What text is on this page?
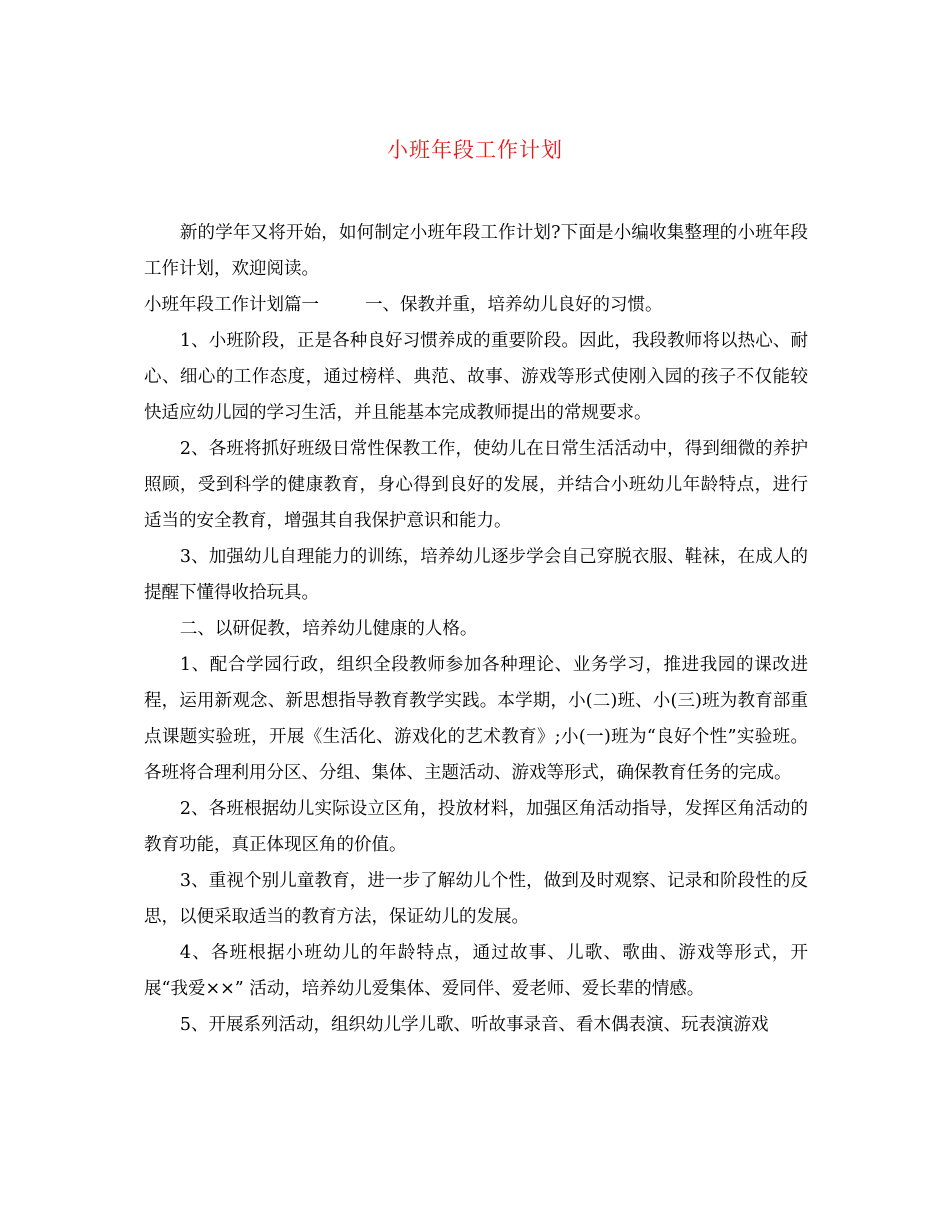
小班年段工作计划

新的学年又将开始，如何制定小班年段工作计划?下面是小编收集整理的小班年段工作计划，欢迎阅读。

小班年段工作计划篇一	一、保教并重，培养幼儿良好的习惯。

1、小班阶段，正是各种良好习惯养成的重要阶段。因此，我段教师将以热心、耐心、细心的工作态度，通过榜样、典范、故事、游戏等形式使刚入园的孩子不仅能较快适应幼儿园的学习生活，并且能基本完成教师提出的常规要求。

2、各班将抓好班级日常性保教工作，使幼儿在日常生活活动中，得到细微的养护照顾，受到科学的健康教育，身心得到良好的发展，并结合小班幼儿年龄特点，进行适当的安全教育，增强其自我保护意识和能力。

3、加强幼儿自理能力的训练，培养幼儿逐步学会自己穿脱衣服、鞋袜，在成人的提醒下懂得收拾玩具。

二、以研促教，培养幼儿健康的人格。

1、配合学园行政，组织全段教师参加各种理论、业务学习，推进我园的课改进程，运用新观念、新思想指导教育教学实践。本学期，小(二)班、小(三)班为教育部重点课题实验班，开展《生活化、游戏化的艺术教育》;小(一)班为“良好个性”实验班。各班将合理利用分区、分组、集体、主题活动、游戏等形式，确保教育任务的完成。

2、各班根据幼儿实际设立区角，投放材料，加强区角活动指导，发挥区角活动的教育功能，真正体现区角的价值。

3、重视个别儿童教育，进一步了解幼儿个性，做到及时观察、记录和阶段性的反思，以便采取适当的教育方法，保证幼儿的发展。

4、各班根据小班幼儿的年龄特点，通过故事、儿歌、歌曲、游戏等形式，开展“我爱××” 活动，培养幼儿爱集体、爱同伴、爱老师、爱长辈的情感。

5、开展系列活动，组织幼儿学儿歌、听故事录音、看木偶表演、玩表演游戏
